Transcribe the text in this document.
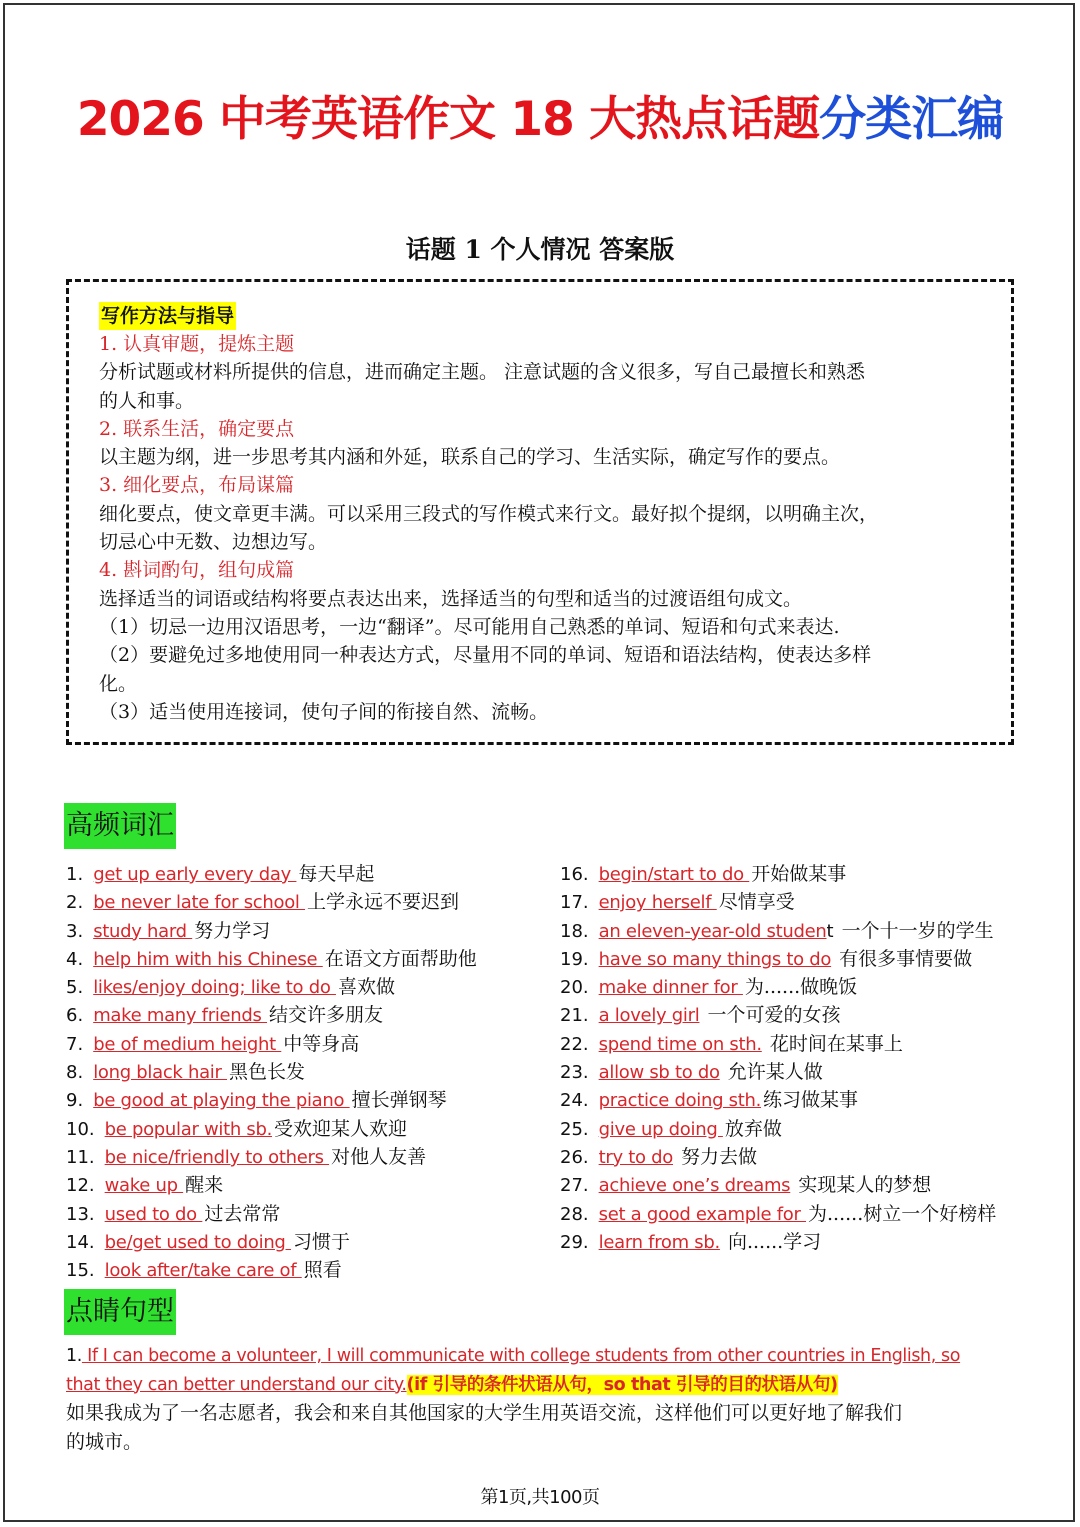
2026 中考英语作文 18 大热点话题分类汇编
话题 1 个人情况 答案版
写作方法与指导

1. 认真审题，提炼主题

分析试题或材料所提供的信息，进而确定主题。 注意试题的含义很多，写自己最擅长和熟悉

的人和事。

2. 联系生活，确定要点

以主题为纲，进一步思考其内涵和外延，联系自己的学习、生活实际，确定写作的要点。

3. 细化要点，布局谋篇

细化要点，使文章更丰满。可以采用三段式的写作模式来行文。最好拟个提纲，以明确主次，

切忌心中无数、边想边写。

4. 斟词酌句，组句成篇

选择适当的词语或结构将要点表达出来，选择适当的句型和适当的过渡语组句成文。

（1）切忌一边用汉语思考，一边“翻译”。尽可能用自己熟悉的单词、短语和句式来表达.

（2）要避免过多地使用同一种表达方式，尽量用不同的单词、短语和语法结构，使表达多样

化。

（3）适当使用连接词，使句子间的衔接自然、流畅。

高频词汇
1. get up early every day 每天早起
2. be never late for school 上学永远不要迟到
3. study hard 努力学习
4. help him with his Chinese 在语文方面帮助他
5. likes/enjoy doing; like to do 喜欢做
6. make many friends 结交许多朋友
7. be of medium height 中等身高
8. long black hair 黑色长发
9. be good at playing the piano 擅长弹钢琴
10. be popular with sb. 受欢迎某人欢迎
11. be nice/friendly to others 对他人友善
12. wake up 醒来
13. used to do 过去常常
14. be/get used to doing 习惯于
15. look after/take care of 照看
16. begin/start to do 开始做某事
17. enjoy herself 尽情享受
18. an eleven-year-old student 一个十一岁的学生
19. have so many things to do 有很多事情要做
20. make dinner for 为......做晚饭
21. a lovely girl 一个可爱的女孩
22. spend time on sth. 花时间在某事上
23. allow sb to do 允许某人做
24. practice doing sth. 练习做某事
25. give up doing 放弃做
26. try to do 努力去做
27. achieve one’s dreams 实现某人的梦想
28. set a good example for 为......树立一个好榜样
29. learn from sb. 向......学习
点睛句型

1. If I can become a volunteer, I will communicate with college students from other countries in English, so

that they can better understand our city.(if 引导的条件状语从句，so that 引导的目的状语从句)

如果我成为了一名志愿者，我会和来自其他国家的大学生用英语交流，这样他们可以更好地了解我们

的城市。

第1页,共100页
